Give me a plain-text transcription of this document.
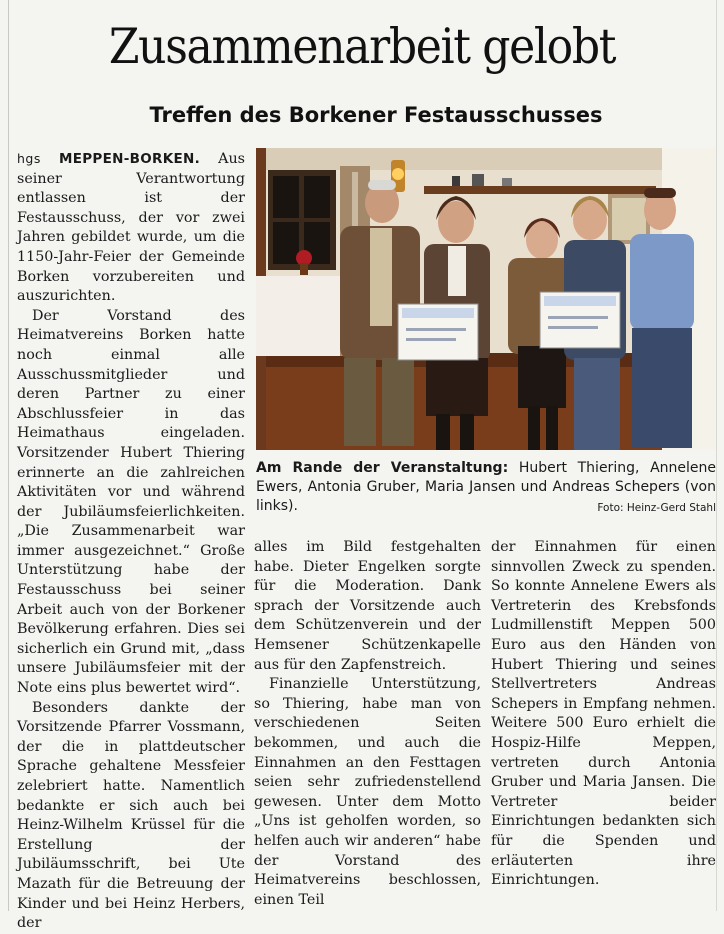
Zusammenarbeit gelobt
Treffen des Borkener Festausschusses

hgs MEPPEN-BORKEN. Aus seiner Verantwortung entlassen ist der Festausschuss, der vor zwei Jahren gebildet wurde, um die 1150-Jahr-Feier der Gemeinde Borken vorzubereiten und auszurichten.

Der Vorstand des Heimatvereins Borken hatte noch einmal alle Ausschussmitglieder und deren Partner zu einer Abschlussfeier in das Heimathaus eingeladen. Vorsitzender Hubert Thiering erinnerte an die zahlreichen Aktivitäten vor und während der Jubiläumsfeierlichkeiten. „Die Zusammenarbeit war immer ausgezeichnet.“ Große Unterstützung habe der Festausschuss bei seiner Arbeit auch von der Borkener Bevölkerung erfahren. Dies sei sicherlich ein Grund mit, „dass unsere Jubiläumsfeier mit der Note eins plus bewertet wird“.

Besonders dankte der Vorsitzende Pfarrer Vossmann, der die in plattdeutscher Sprache gehaltene Messfeier zelebriert hatte. Namentlich bedankte er sich auch bei Heinz-Wilhelm Krüssel für die Erstellung der Jubiläumsschrift, bei Ute Mazath für die Betreuung der Kinder und bei Heinz Herbers, der

Am Rande der Veranstaltung: Hubert Thiering, Annelene Ewers, Antonia Gruber, Maria Jansen und Andreas Schepers (von links).	Foto: Heinz-Gerd Stahl

alles im Bild festgehalten habe. Dieter Engelken sorgte für die Moderation. Dank sprach der Vorsitzende auch dem Schützenverein und der Hemsener Schützenkapelle aus für den Zapfenstreich.

Finanzielle Unterstützung, so Thiering, habe man von verschiedenen Seiten bekommen, und auch die Einnahmen an den Festtagen seien sehr zufriedenstellend gewesen. Unter dem Motto „Uns ist geholfen worden, so helfen auch wir anderen“ habe der Vorstand des Heimatvereins beschlossen, einen Teil

der Einnahmen für einen sinnvollen Zweck zu spenden. So konnte Annelene Ewers als Vertreterin des Krebsfonds Ludmillenstift Meppen 500 Euro aus den Händen von Hubert Thiering und seines Stellvertreters Andreas Schepers in Empfang nehmen. Weitere 500 Euro erhielt die Hospiz-Hilfe Meppen, vertreten durch Antonia Gruber und Maria Jansen. Die Vertreter beider Einrichtungen bedankten sich für die Spenden und erläuterten ihre Einrichtungen.
